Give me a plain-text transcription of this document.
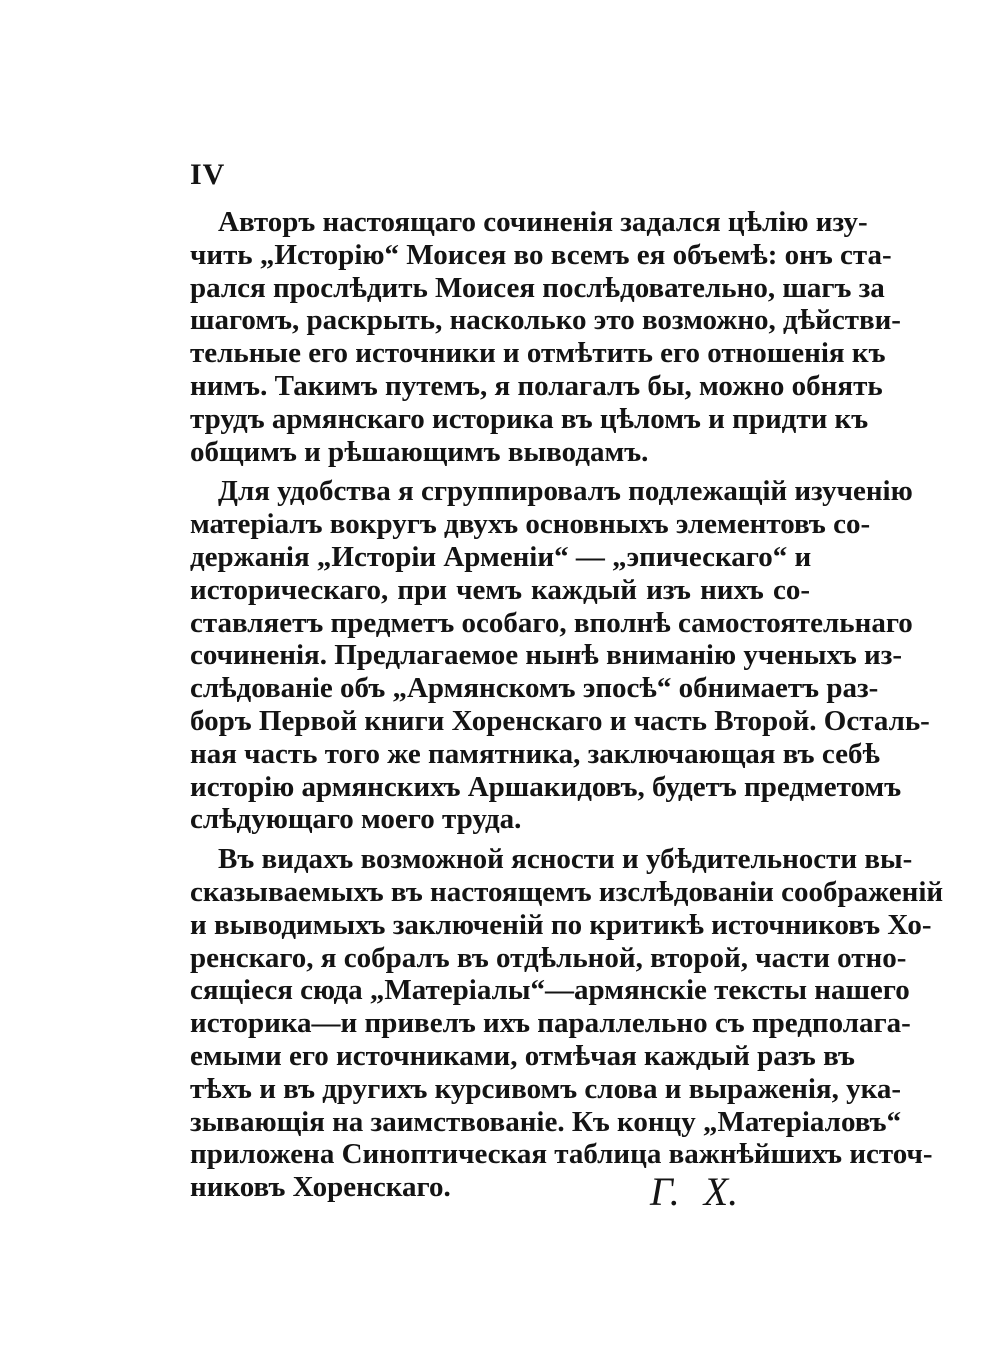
IV
Авторъ настоящаго сочиненія задался цѣлію изу-
чить „Исторію“ Моисея во всемъ ея объемѣ: онъ ста-
рался прослѣдить Моисея послѣдовательно, шагъ за
шагомъ, раскрыть, насколько это возможно, дѣйстви-
тельные его источники и отмѣтить его отношенія къ
нимъ. Такимъ путемъ, я полагалъ бы, можно обнять
трудъ армянскаго историка въ цѣломъ и придти къ
общимъ и рѣшающимъ выводамъ.
Для удобства я сгруппировалъ подлежащій изученію
матеріалъ вокругъ двухъ основныхъ элементовъ со-
держанія „Исторіи Арменіи“ — „эпическаго“ и
историческаго, при чемъ каждый изъ нихъ со-
ставляетъ предметъ особаго, вполнѣ самостоятельнаго
сочиненія. Предлагаемое нынѣ вниманію ученыхъ из-
слѣдованіе объ „Армянскомъ эпосѣ“ обнимаетъ раз-
боръ Первой книги Хоренскаго и часть Второй. Осталь-
ная часть того же памятника, заключающая въ себѣ
исторію армянскихъ Аршакидовъ, будетъ предметомъ
слѣдующаго моего труда.
Въ видахъ возможной ясности и убѣдительности вы-
сказываемыхъ въ настоящемъ изслѣдованіи соображеній
и выводимыхъ заключеній по критикѣ источниковъ Хо-
ренскаго, я собралъ въ отдѣльной, второй, части отно-
сящіеся сюда „Матеріалы“—армянскіе тексты нашего
историка—и привелъ ихъ параллельно съ предполага-
емыми его источниками, отмѣчая каждый разъ въ
тѣхъ и въ другихъ курсивомъ слова и выраженія, ука-
зывающія на заимствованіе. Къ концу „Матеріаловъ“
приложена Синоптическая таблица важнѣйшихъ источ-
никовъ Хоренскаго.	Г. Х.
